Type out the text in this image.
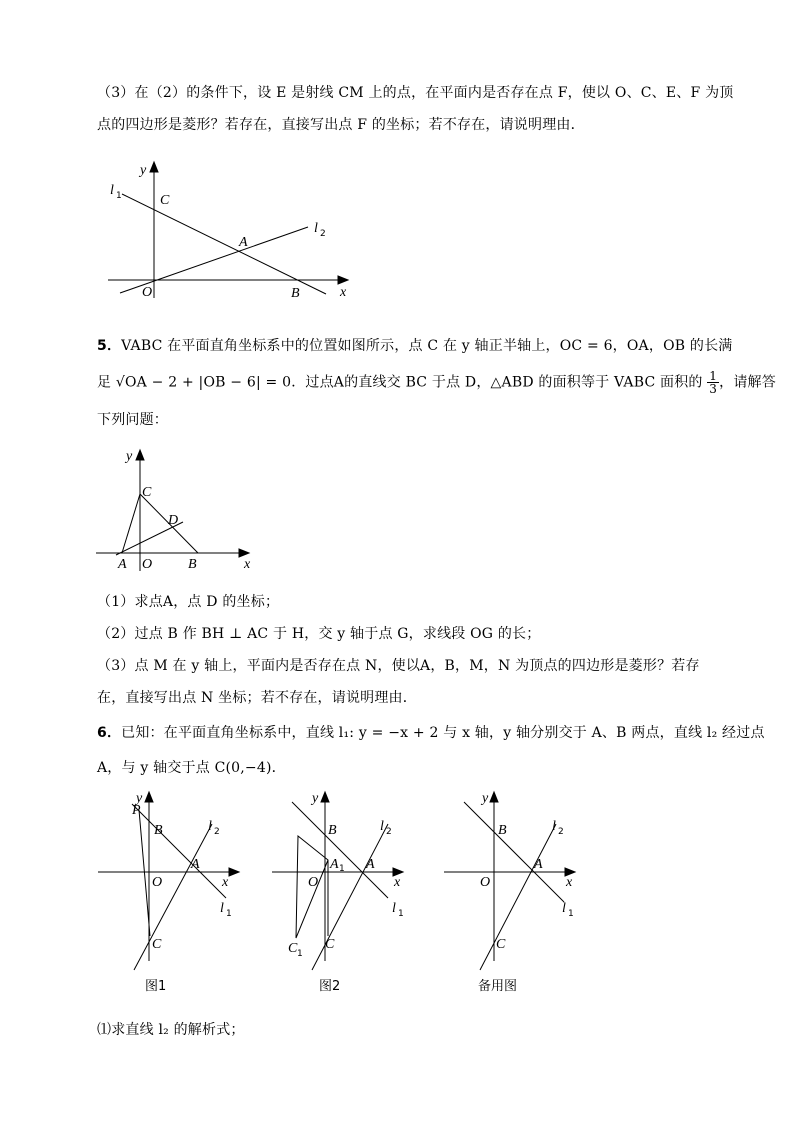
（3）在（2）的条件下，设 E 是射线 CM 上的点，在平面内是否存在点 F，使以 O、C、E、F 为顶
点的四边形是菱形？若存在，直接写出点 F 的坐标；若不存在，请说明理由．
y
l 1	C
l 2
A
O	B	x
5．VABC 在平面直角坐标系中的位置如图所示，点 C 在 y 轴正半轴上，OC = 6，OA，OB 的长满
足 √OA − 2 + |OB − 6| = 0．过点A的直线交 BC 于点 D，△ABD 的面积等于 VABC 面积的 $\frac{1}{3}$ ，请解答
下列问题：
y
C
D
A O	B	x
（1）求点A，点 D 的坐标；
（2）过点 B 作 BH ⊥ AC 于 H，交 y 轴于点 G，求线段 OG 的长；
（3）点 M 在 y 轴上，平面内是否存在点 N，使以A，B，M，N 为顶点的四边形是菱形？若存
在，直接写出点 N 坐标；若不存在，请说明理由．
6．已知：在平面直角坐标系中，直线 l₁: y = −x + 2 与 x 轴，y 轴分别交于 A、B 两点，直线 l₂ 经过点
A，与 y 轴交于点 C(0,−4)．
y
P
B	l 2
A
O	x
l 1
C
图1
y
B	l 2
A 1 A
O	x
l 1
C 1
C
图2
y
B	l 2
A
O	x
l 1
C
备用图
⑴求直线 l₂ 的解析式；
